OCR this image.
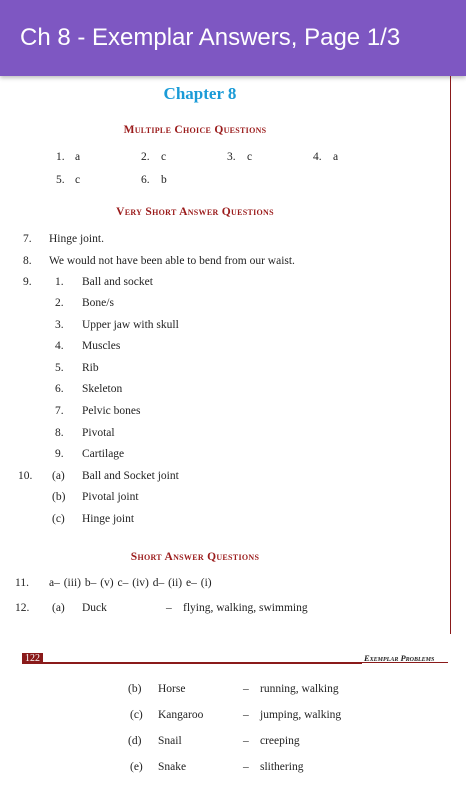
Ch 8 - Exemplar Answers, Page 1/3
Chapter 8
Multiple Choice Questions
1. a	2. c	3. c	4. a
5. c	6. b
Very Short Answer Questions
7. Hinge joint.
8. We would not have been able to bend from our waist.
9. 1. Ball and socket
2. Bone/s
3. Upper jaw with skull
4. Muscles
5. Rib
6. Skeleton
7. Pelvic bones
8. Pivotal
9. Cartilage
10. (a) Ball and Socket joint
(b) Pivotal joint
(c) Hinge joint
Short Answer Questions
11. a– (iii) b– (v) c– (iv) d– (ii) e– (i)
12. (a) Duck	– flying, walking, swimming
122	Exemplar Problems
(b) Horse	– running, walking
(c) Kangaroo	– jumping, walking
(d) Snail	– creeping
(e) Snake	– slithering
